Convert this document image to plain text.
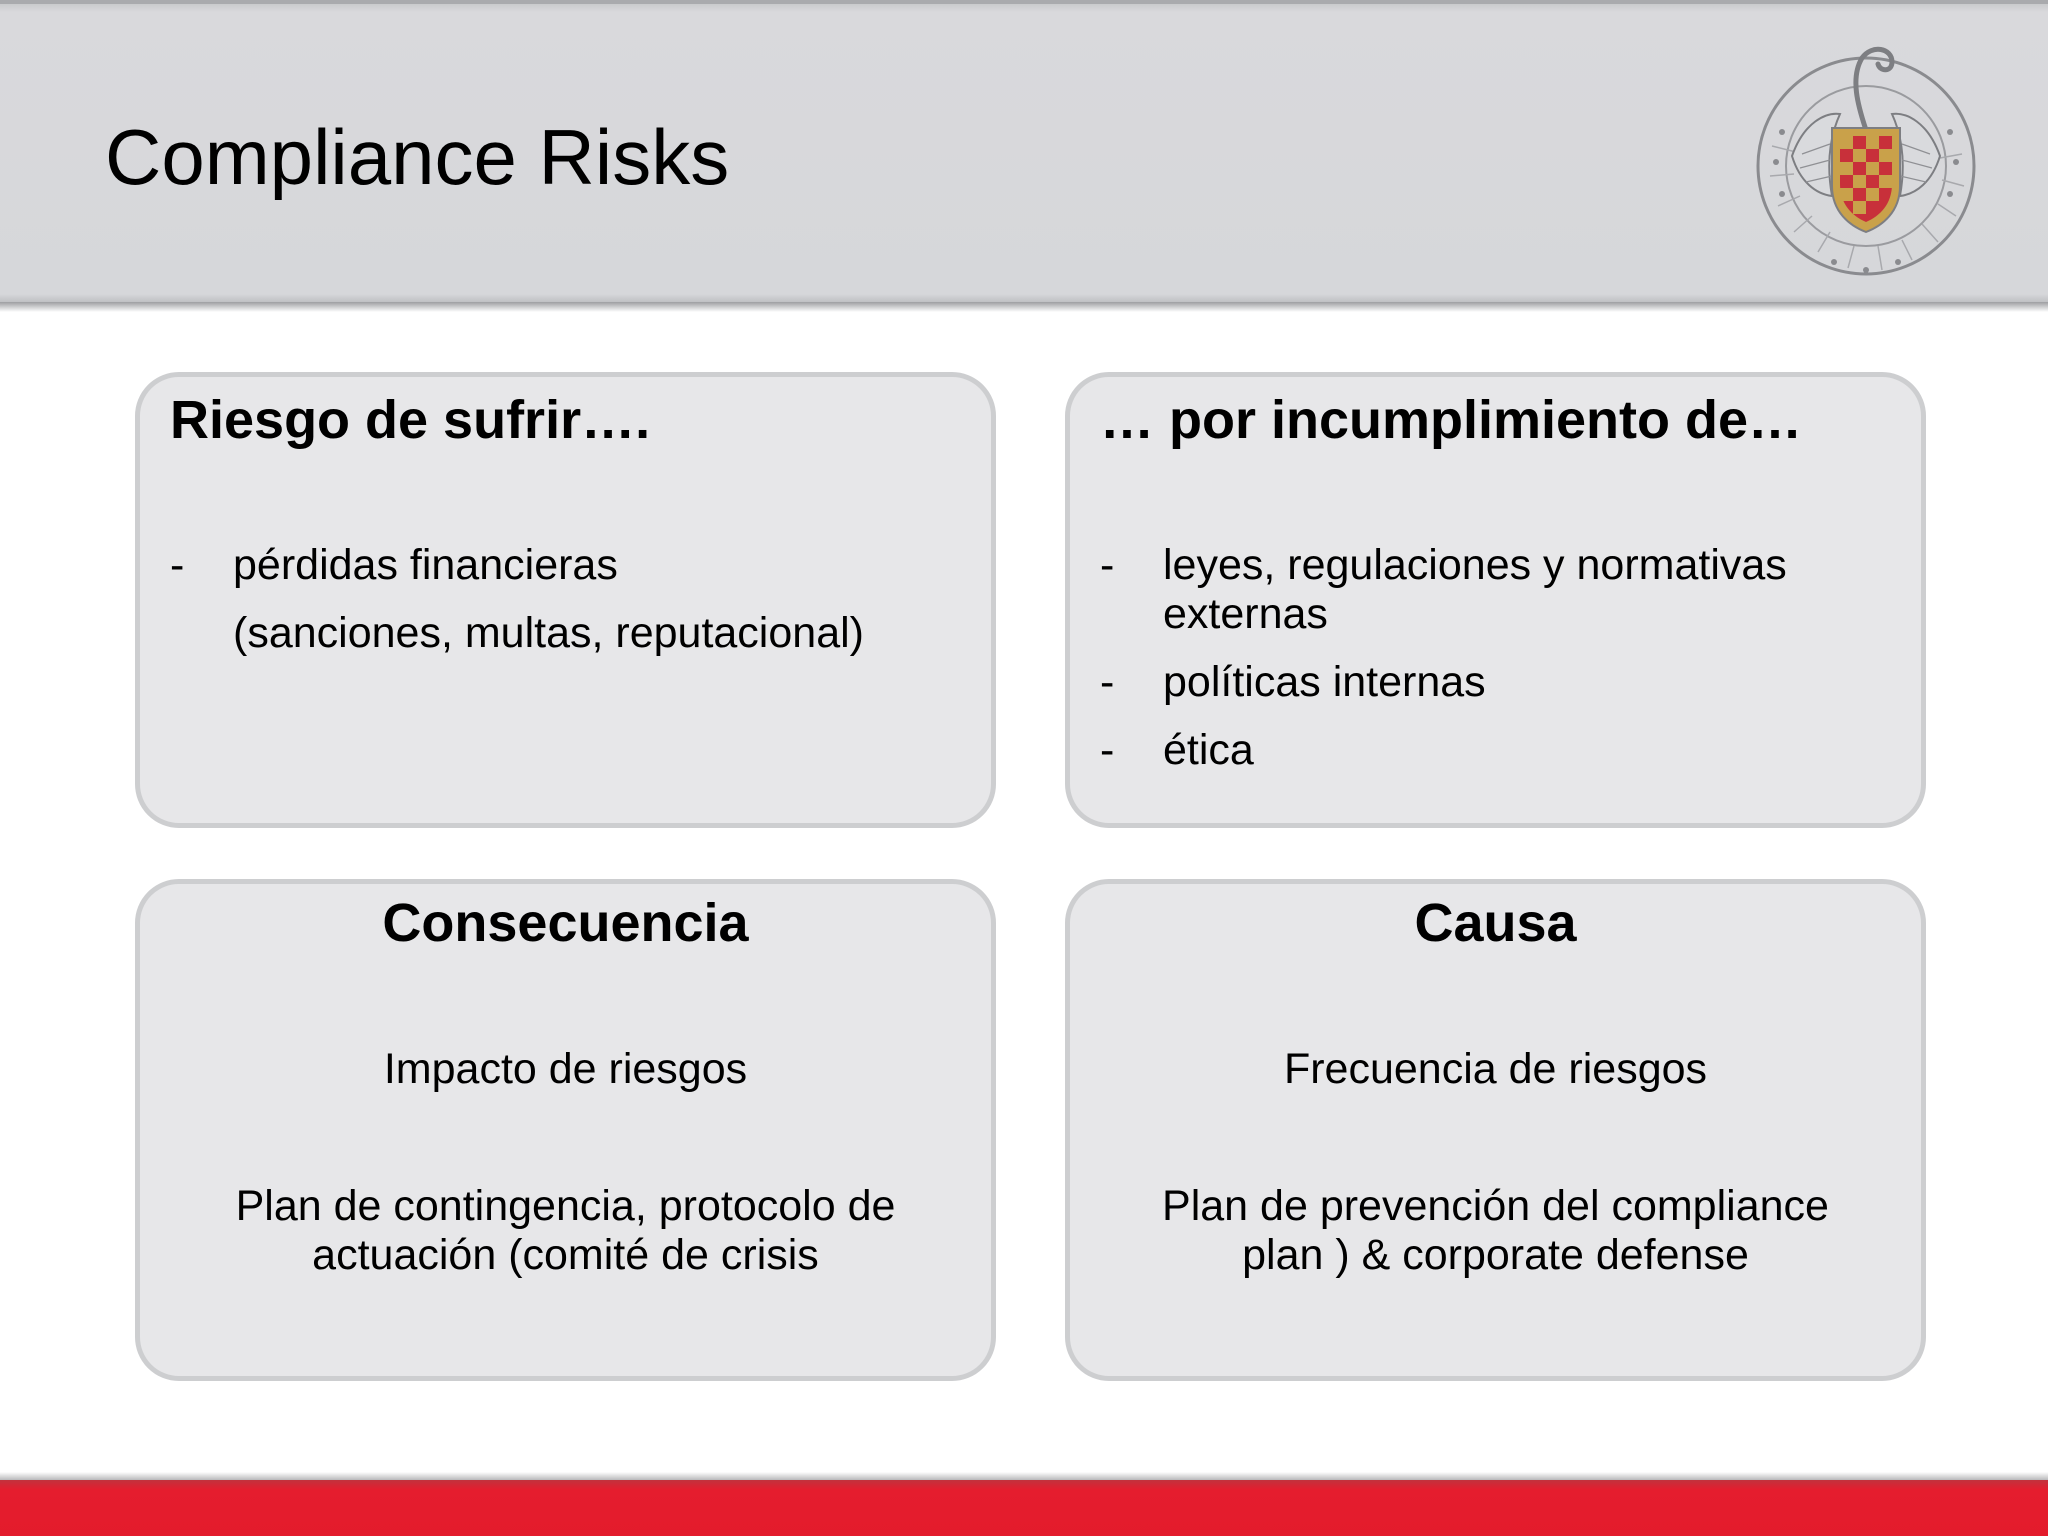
Compliance Risks
Riesgo de sufrir….
- pérdidas financieras
(sanciones, multas, reputacional)
… por incumplimiento de…
- leyes, regulaciones y normativas externas
- políticas internas
- ética
Consecuencia

Impacto de riesgos

Plan de contingencia, protocolo de actuación (comité de crisis

Causa

Frecuencia de riesgos

Plan de prevención del compliance plan ) & corporate defense
